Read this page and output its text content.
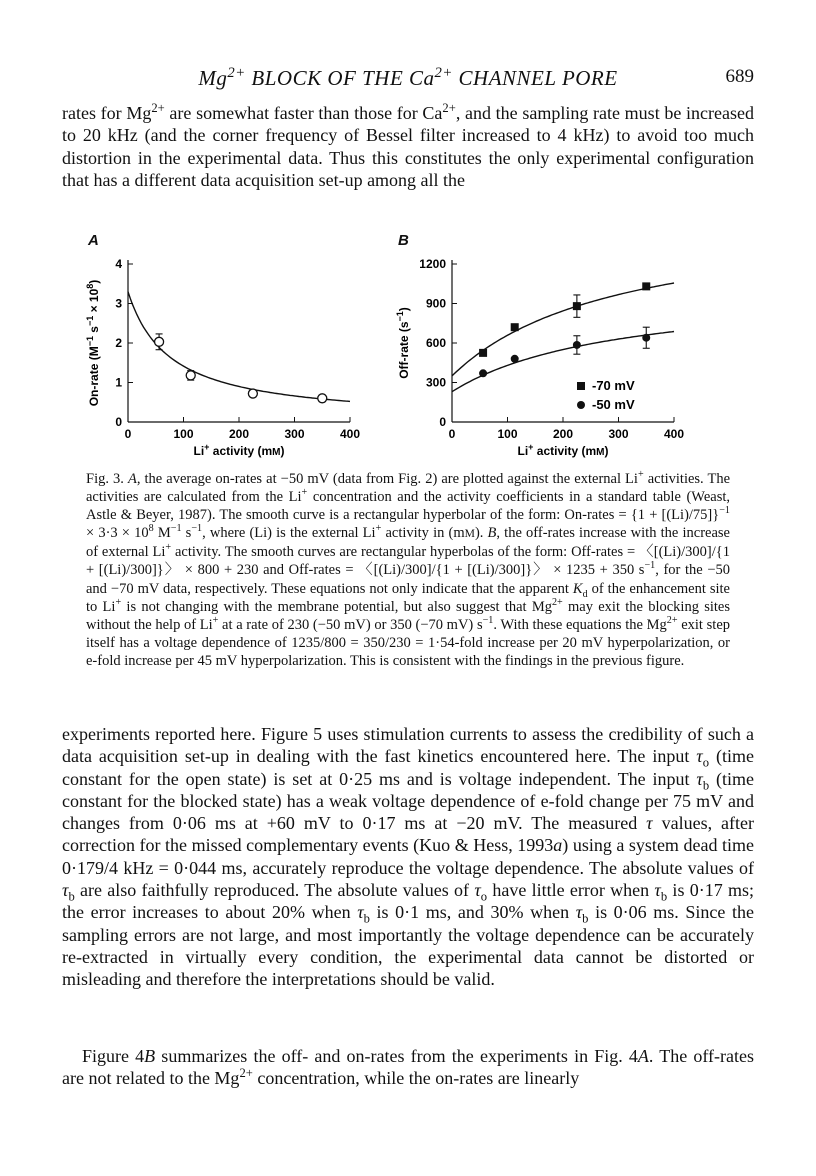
$Mg^{2+}$ BLOCK OF THE $Ca^{2+}$ CHANNEL PORE	689

rates for $Mg^{2+}$ are somewhat faster than those for $Ca^{2+}$, and the sampling rate must be increased to 20 kHz (and the corner frequency of Bessel filter increased to 4 kHz) to avoid too much distortion in the experimental data. Thus this constitutes the only experimental configuration that has a different data acquisition set-up among all the

A	B
0
1
2
3
4
0	100	200	300	400
Li+ activity (mM)
On-rate ($M^{-1}$ $s^{-1} \times 10^8$)
0
300
600
900
1200
0	100	200	300	400
Li+ activity (mM)
Off-rate $(s^{-1})$
-70 mV
-50 mV

Fig. 3. A, the average on-rates at −50 mV (data from Fig. 2) are plotted against the external Li+ activities. The activities are calculated from the Li+ concentration and the activity coefficients in a standard table (Weast, Astle & Beyer, 1987). The smooth curve is a rectangular hyperbolar of the form: On-rates = $\{1 + [(Li)/75]\}^{-1} \times 3\cdot 3 \times 10^8$ $M^{-1}$ $s^{-1}$, where (Li) is the external Li+ activity in (mM). B, the off-rates increase with the increase of external Li+ activity. The smooth curves are rectangular hyperbolas of the form: Off-rates = 〈[(Li)/300]/{1 + [(Li)/300]}〉 × 800 + 230 and Off-rates = 〈[(Li)/300]/{1 + [(Li)/300]}〉 × 1235 + 350 $s^{-1}$, for the −50 and −70 mV data, respectively. These equations not only indicate that the apparent $K_d$ of the enhancement site to Li+ is not changing with the membrane potential, but also suggest that $Mg^{2+}$ may exit the blocking sites without the help of Li+ at a rate of 230 (−50 mV) or 350 (−70 mV) $s^{-1}$. With these equations the $Mg^{2+}$ exit step itself has a voltage dependence of 1235/800 = 350/230 = 1·54-fold increase per 20 mV hyperpolarization, or e-fold increase per 45 mV hyperpolarization. This is consistent with the findings in the previous figure.

experiments reported here. Figure 5 uses stimulation currents to assess the credibility of such a data acquisition set-up in dealing with the fast kinetics encountered here. The input $\tau_o$ (time constant for the open state) is set at 0·25 ms and is voltage independent. The input $\tau_b$ (time constant for the blocked state) has a weak voltage dependence of e-fold change per 75 mV and changes from 0·06 ms at +60 mV to 0·17 ms at −20 mV. The measured τ values, after correction for the missed complementary events (Kuo & Hess, 1993a) using a system dead time 0·179/4 kHz = 0·044 ms, accurately reproduce the voltage dependence. The absolute values of $\tau_b$ are also faithfully reproduced. The absolute values of $\tau_o$ have little error when $\tau_b$ is 0·17 ms; the error increases to about 20% when $\tau_b$ is 0·1 ms, and 30% when $\tau_b$ is 0·06 ms. Since the sampling errors are not large, and most importantly the voltage dependence can be accurately re-extracted in virtually every condition, the experimental data cannot be distorted or misleading and therefore the interpretations should be valid.

Figure 4B summarizes the off- and on-rates from the experiments in Fig. 4A. The off-rates are not related to the $Mg^{2+}$ concentration, while the on-rates are linearly
